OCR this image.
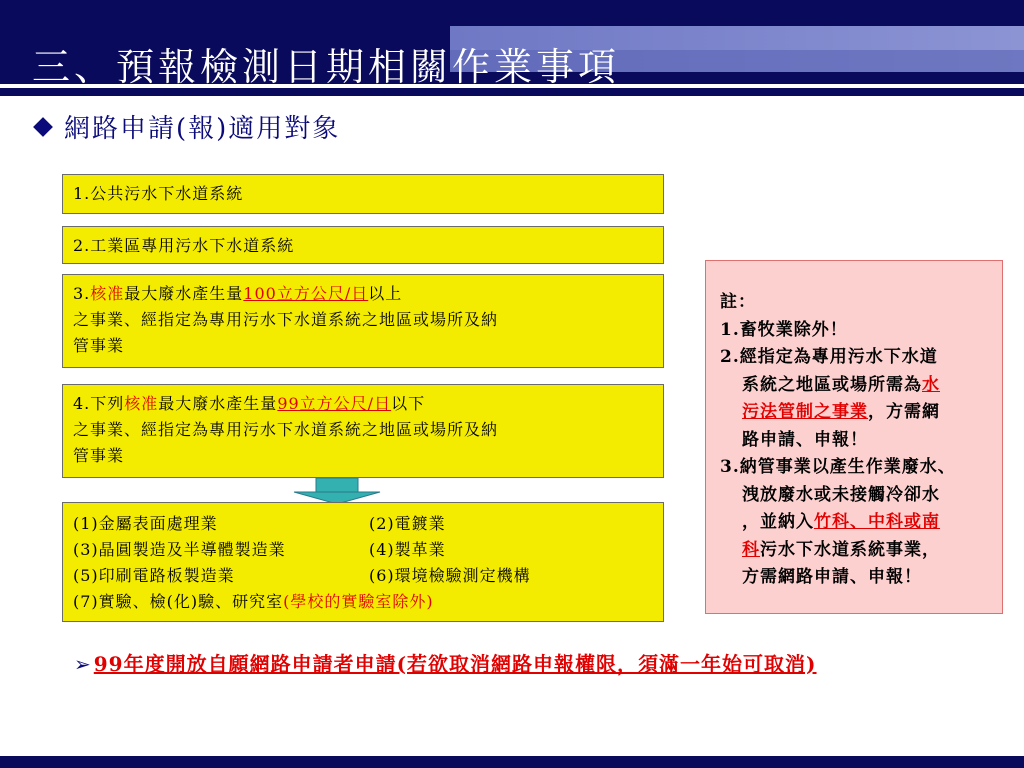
三、預報檢測日期相關作業事項
網路申請(報)適用對象
1.公共污水下水道系統
2.工業區專用污水下水道系統
3.核准最大廢水產生量100立方公尺/日以上
之事業、經指定為專用污水下水道系統之地區或場所及納
管事業
4.下列核准最大廢水產生量99立方公尺/日以下
之事業、經指定為專用污水下水道系統之地區或場所及納
管事業
(1)金屬表面處理業	(2)電鍍業
(3)晶圓製造及半導體製造業	(4)製革業
(5)印刷電路板製造業	(6)環境檢驗測定機構
(7)實驗、檢(化)驗、研究室(學校的實驗室除外)
註：
1.畜牧業除外！
2.經指定為專用污水下水道
系統之地區或場所需為水
污法管制之事業，方需網
路申請、申報！
3.納管事業以產生作業廢水、
洩放廢水或未接觸冷卻水
，並納入竹科、中科或南
科污水下水道系統事業，
方需網路申請、申報！
➢ 99年度開放自願網路申請者申請(若欲取消網路申報權限，須滿一年始可取消)
